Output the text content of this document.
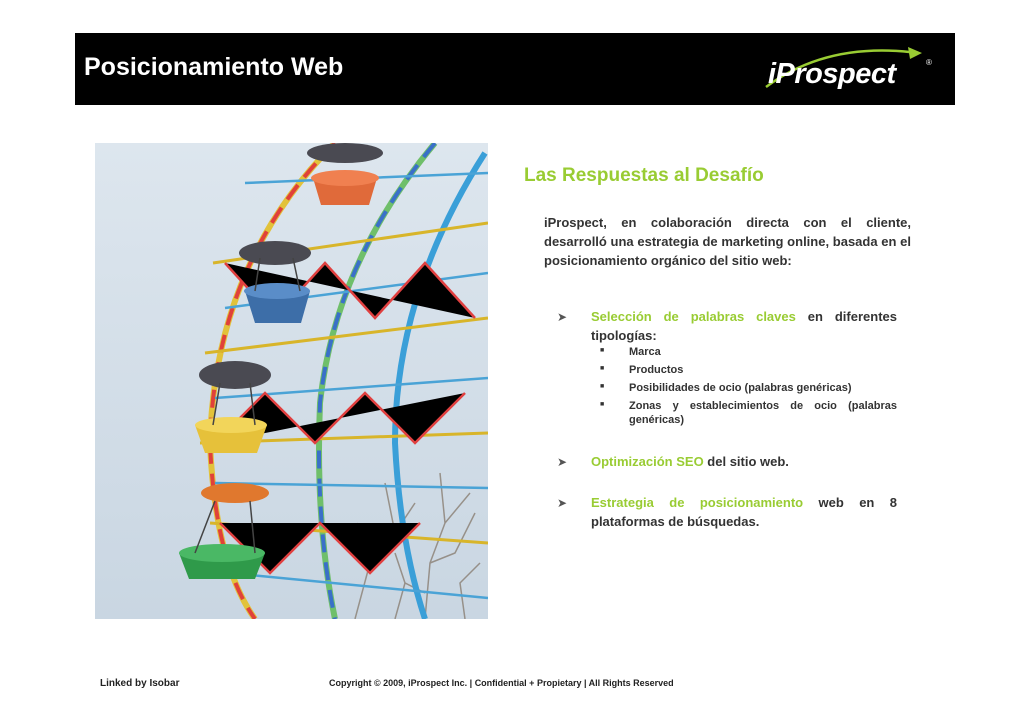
Posicionamiento Web	iProspect	®
Las Respuestas al Desafío
iProspect, en colaboración directa con el cliente, desarrolló una estrategia de marketing online, basada en el posicionamiento orgánico del sitio web:
➤ Selección de palabras claves en diferentes tipologías:
■ Marca
■ Productos
■ Posibilidades de ocio (palabras genéricas)
■ Zonas y establecimientos de ocio (palabras genéricas)
➤ Optimización SEO del sitio web.
➤ Estrategia de posicionamiento web en 8 plataformas de búsquedas.
Linked by Isobar	Copyright © 2009, iProspect Inc. | Confidential + Propietary | All Rights Reserved
